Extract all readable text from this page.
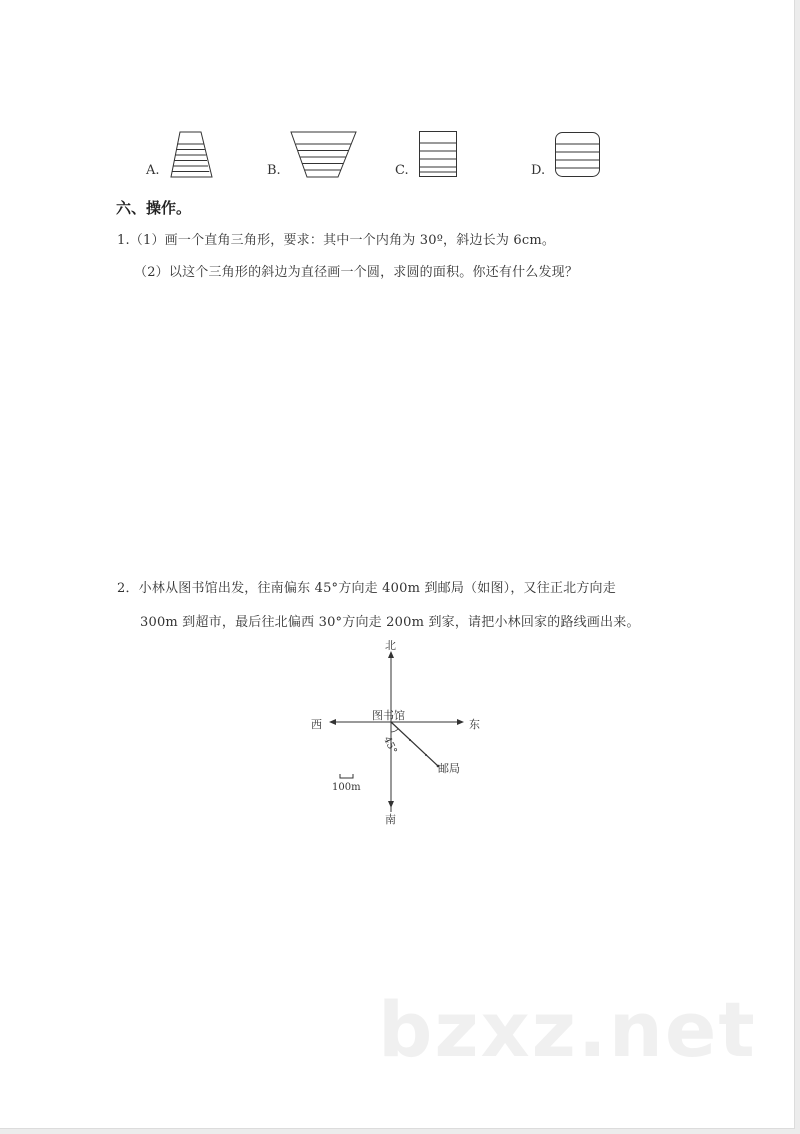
A.	B.	C.	D.
六、操作。
1.（1）画一个直角三角形，要求：其中一个内角为 30º，斜边长为 6cm。
（2）以这个三角形的斜边为直径画一个圆，求圆的面积。你还有什么发现？
2．小林从图书馆出发，往南偏东 45°方向走 400m 到邮局（如图），又往正北方向走
300m 到超市，最后往北偏西 30°方向走 200m 到家，请把小林回家的路线画出来。
北
南
西	东
图书馆
45°
邮局
100m
bzxz.net
